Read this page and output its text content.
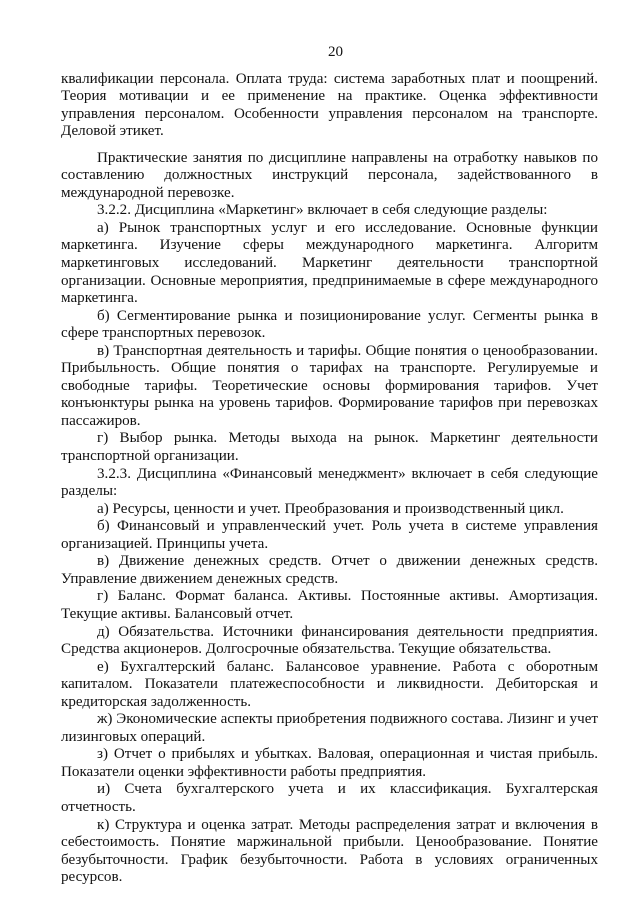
20

квалификации персонала. Оплата труда: система заработных плат и поощрений. Теория мотивации и ее применение на практике. Оценка эффективности управления персоналом. Особенности управления персоналом на транспорте. Деловой этикет.

Практические занятия по дисциплине направлены на отработку навыков по составлению должностных инструкций персонала, задействованного в международной перевозке.

3.2.2. Дисциплина «Маркетинг» включает в себя следующие разделы:

а) Рынок транспортных услуг и его исследование. Основные функции маркетинга. Изучение сферы международного маркетинга. Алгоритм маркетинговых исследований. Маркетинг деятельности транспортной организации. Основные мероприятия, предпринимаемые в сфере международного маркетинга.

б) Сегментирование рынка и позиционирование услуг. Сегменты рынка в сфере транспортных перевозок.

в) Транспортная деятельность и тарифы. Общие понятия о ценообразовании. Прибыльность. Общие понятия о тарифах на транспорте. Регулируемые и свободные тарифы. Теоретические основы формирования тарифов. Учет конъюнктуры рынка на уровень тарифов. Формирование тарифов при перевозках пассажиров.

г) Выбор рынка. Методы выхода на рынок. Маркетинг деятельности транспортной организации.

3.2.3. Дисциплина «Финансовый менеджмент» включает в себя следующие разделы:

а) Ресурсы, ценности и учет. Преобразования и производственный цикл.

б) Финансовый и управленческий учет. Роль учета в системе управления организацией. Принципы учета.

в) Движение денежных средств. Отчет о движении денежных средств. Управление движением денежных средств.

г) Баланс. Формат баланса. Активы. Постоянные активы. Амортизация. Текущие активы. Балансовый отчет.

д) Обязательства. Источники финансирования деятельности предприятия. Средства акционеров. Долгосрочные обязательства. Текущие обязательства.

е) Бухгалтерский баланс. Балансовое уравнение. Работа с оборотным капиталом. Показатели платежеспособности и ликвидности. Дебиторская и кредиторская задолженность.

ж) Экономические аспекты приобретения подвижного состава. Лизинг и учет лизинговых операций.

з) Отчет о прибылях и убытках. Валовая, операционная и чистая прибыль. Показатели оценки эффективности работы предприятия.

и) Счета бухгалтерского учета и их классификация. Бухгалтерская отчетность.

к) Структура и оценка затрат. Методы распределения затрат и включения в себестоимость. Понятие маржинальной прибыли. Ценообразование. Понятие безубыточности. График безубыточности. Работа в условиях ограниченных ресурсов.
